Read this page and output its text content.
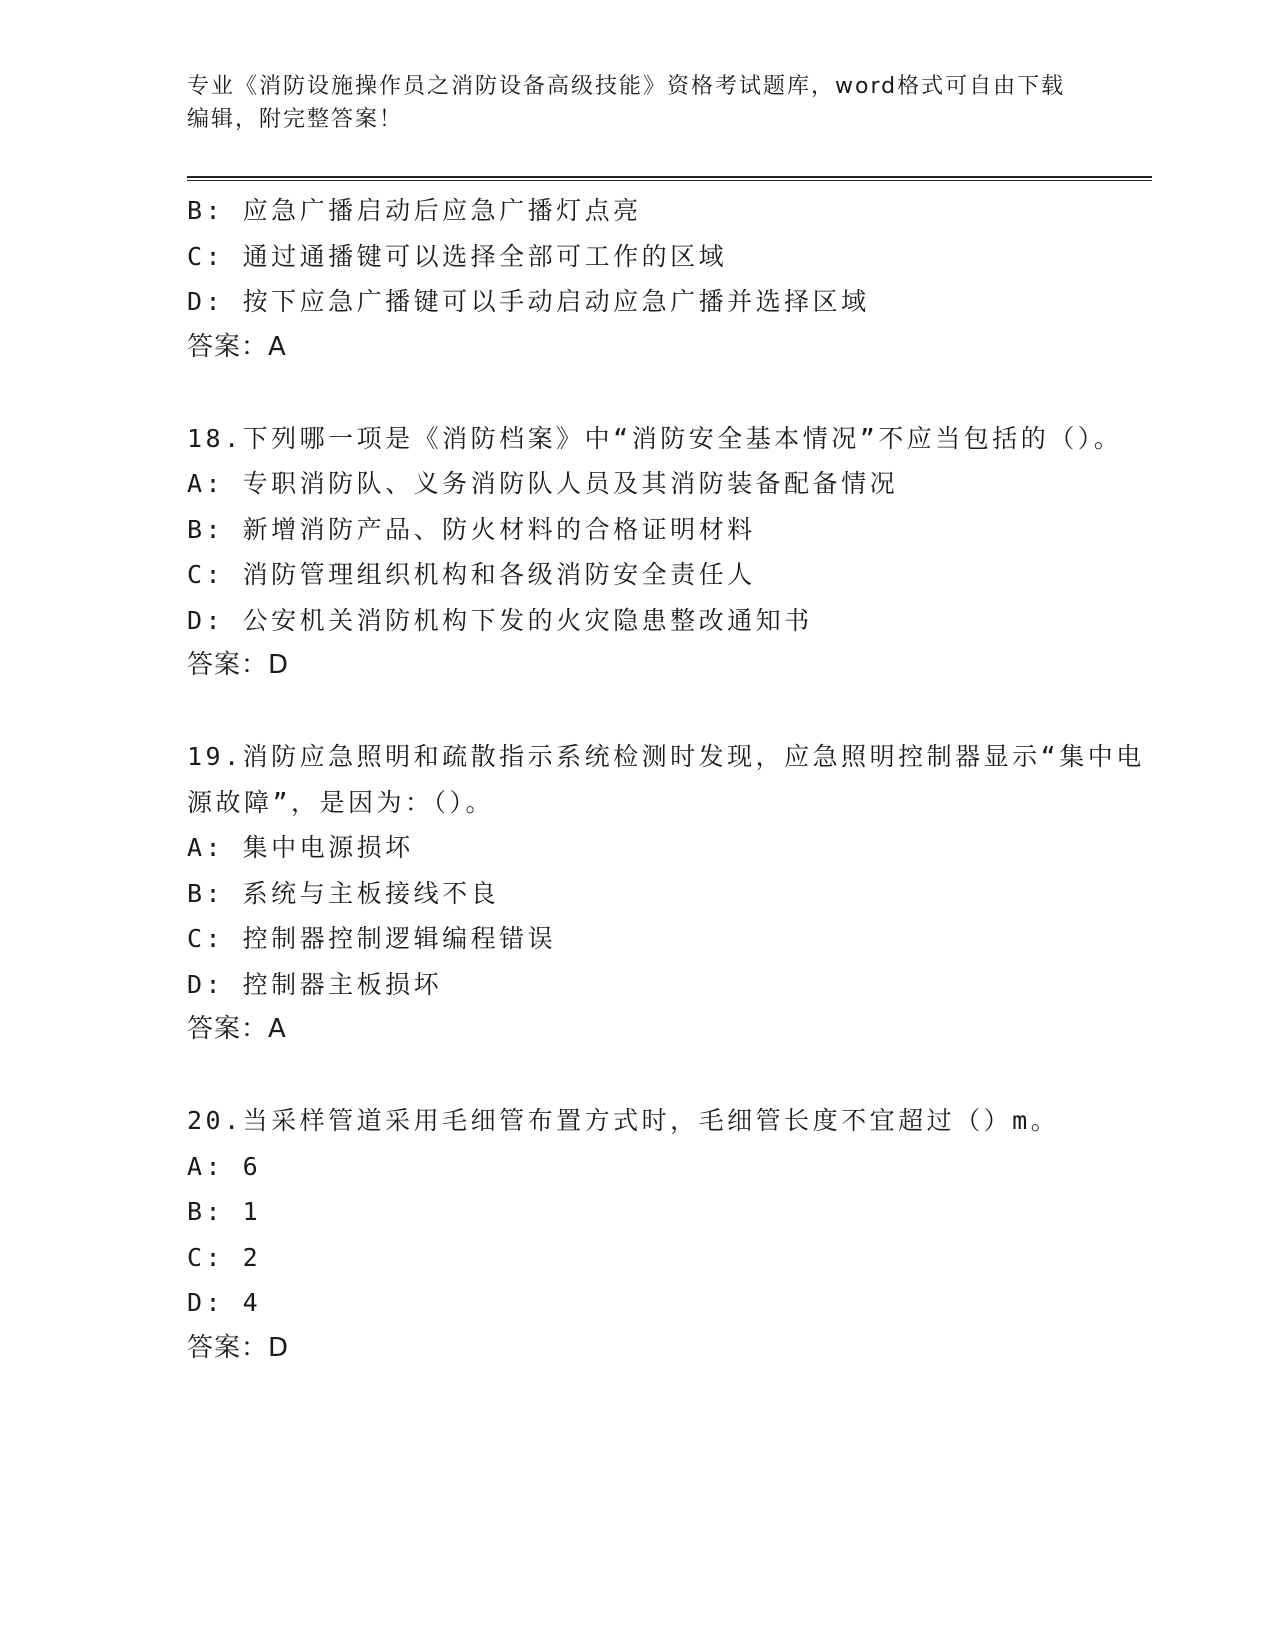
专业《消防设施操作员之消防设备高级技能》资格考试题库，word格式可自由下载编辑，附完整答案！
B: 应急广播启动后应急广播灯点亮
C: 通过通播键可以选择全部可工作的区域
D: 按下应急广播键可以手动启动应急广播并选择区域
答案：A
18.下列哪一项是《消防档案》中“消防安全基本情况”不应当包括的（）。
A: 专职消防队、义务消防队人员及其消防装备配备情况
B: 新增消防产品、防火材料的合格证明材料
C: 消防管理组织机构和各级消防安全责任人
D: 公安机关消防机构下发的火灾隐患整改通知书
答案：D
19.消防应急照明和疏散指示系统检测时发现，应急照明控制器显示“集中电源故障”，是因为：（）。
A: 集中电源损坏
B: 系统与主板接线不良
C: 控制器控制逻辑编程错误
D: 控制器主板损坏
答案：A
20.当采样管道采用毛细管布置方式时，毛细管长度不宜超过（）m。
A: 6
B: 1
C: 2
D: 4
答案：D
